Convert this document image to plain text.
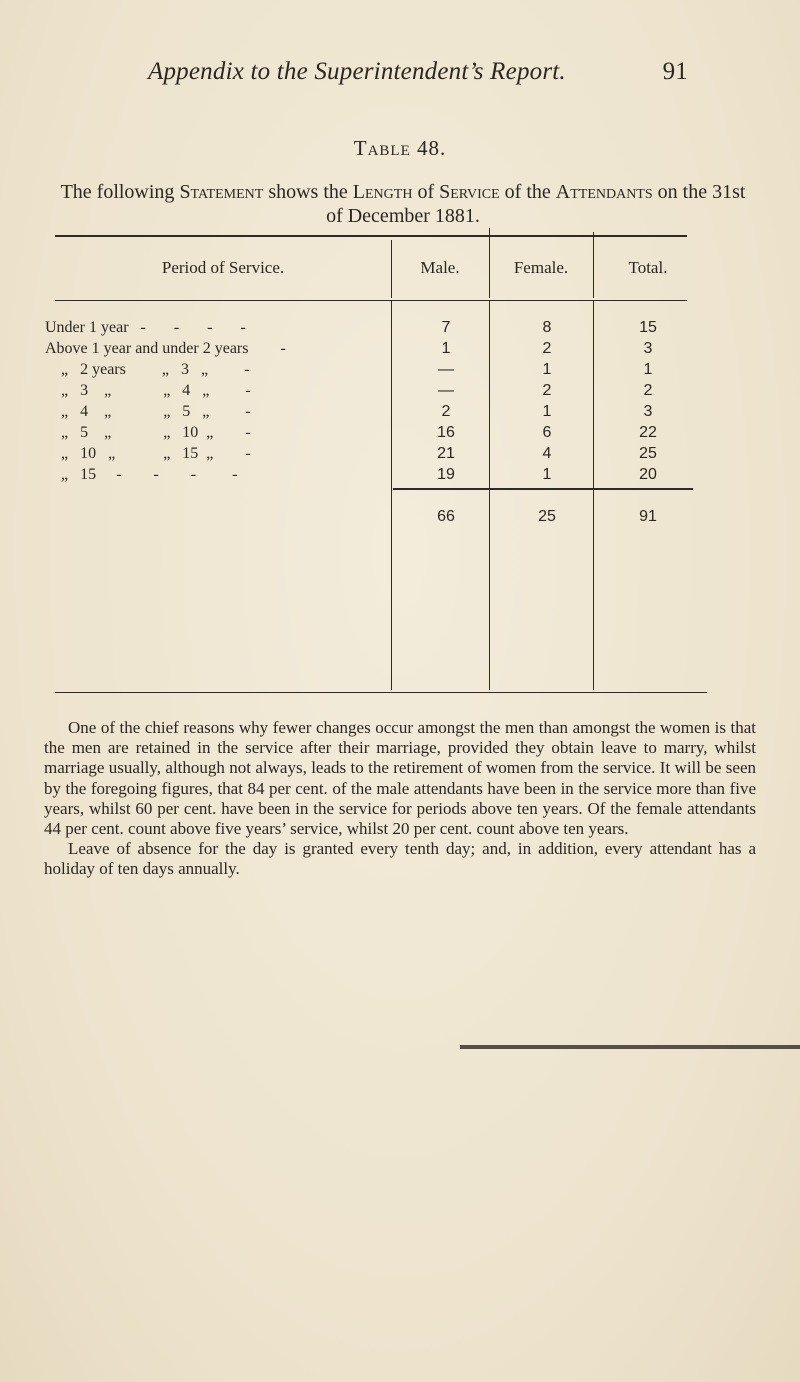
Appendix to the Superintendent’s Report.	91
Table 48.
The following Statement shows the Length of Service of the Attendants on the 31st of December 1881.
Period of Service.	Male.	Female.	Total.
Under 1 year   -       -       -       -	7	8	15
Above 1 year and under 2 years        -	1	2	3
„   2 years         „   3   „         -	—	1	1
„   3    „             „   4   „         -	—	2	2
„   4    „             „   5   „         -	2	1	3
„   5    „             „   10  „        -	16	6	22
„   10   „            „   15  „        -	21	4	25
„   15     -        -        -         -	19	1	20
66	25	91

One of the chief reasons why fewer changes occur amongst the men than amongst the women is that the men are retained in the service after their marriage, provided they obtain leave to marry, whilst marriage usually, although not always, leads to the retirement of women from the service. It will be seen by the foregoing figures, that 84 per cent. of the male attendants have been in the service more than five years, whilst 60 per cent. have been in the service for periods above ten years. Of the female attendants 44 per cent. count above five years’ service, whilst 20 per cent. count above ten years.

Leave of absence for the day is granted every tenth day; and, in addition, every attendant has a holiday of ten days annually.
